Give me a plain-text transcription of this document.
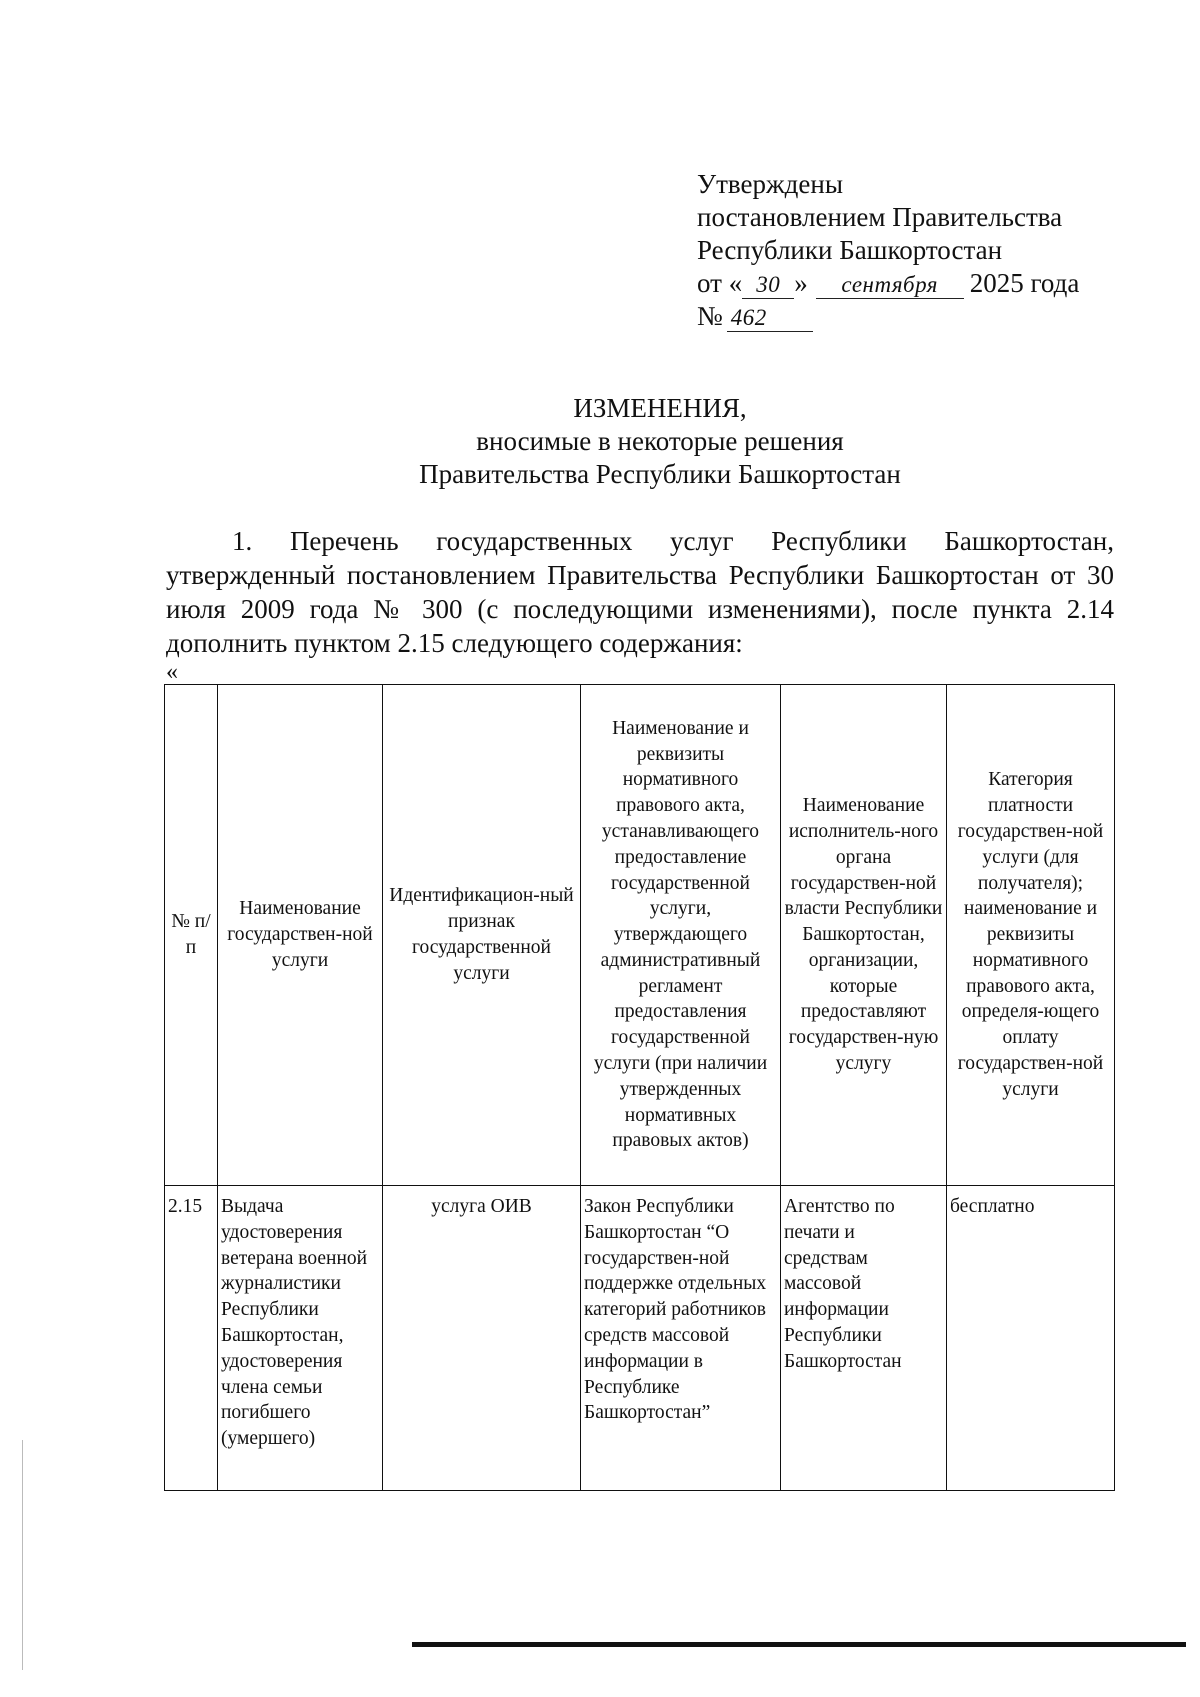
Утверждены
постановлением Правительства
Республики Башкортостан
от « 30 » сентября 2025 года
№ 462
ИЗМЕНЕНИЯ,
вносимые в некоторые решения
Правительства Республики Башкортостан
1. Перечень государственных услуг Республики Башкортостан, утвержденный постановлением Правительства Республики Башкортостан от 30 июля 2009 года № 300 (с последующими изменениями), после пункта 2.14 дополнить пунктом 2.15 следующего содержания:
«
№ п/п	Наименование государствен-ной услуги	Идентификацион-ный признак государственной услуги	Наименование и реквизиты нормативного правового акта, устанавливающего предоставление государственной услуги, утверждающего административный регламент предоставления государственной услуги (при наличии утвержденных нормативных правовых актов)	Наименование исполнитель-ного органа государствен-ной власти Республики Башкортостан, организации, которые предоставляют государствен-ную услугу	Категория платности государствен-ной услуги (для получателя); наименование и реквизиты нормативного правового акта, определя-ющего оплату государствен-ной услуги
2.15	Выдача удостоверения ветерана военной журналистики Республики Башкортостан, удостоверения члена семьи погибшего (умершего)	услуга ОИВ	Закон Республики Башкортостан “О государствен-ной поддержке отдельных категорий работников средств массовой информации в Республике Башкортостан”	Агентство по печати и средствам массовой информации Республики Башкортостан	бесплатно
